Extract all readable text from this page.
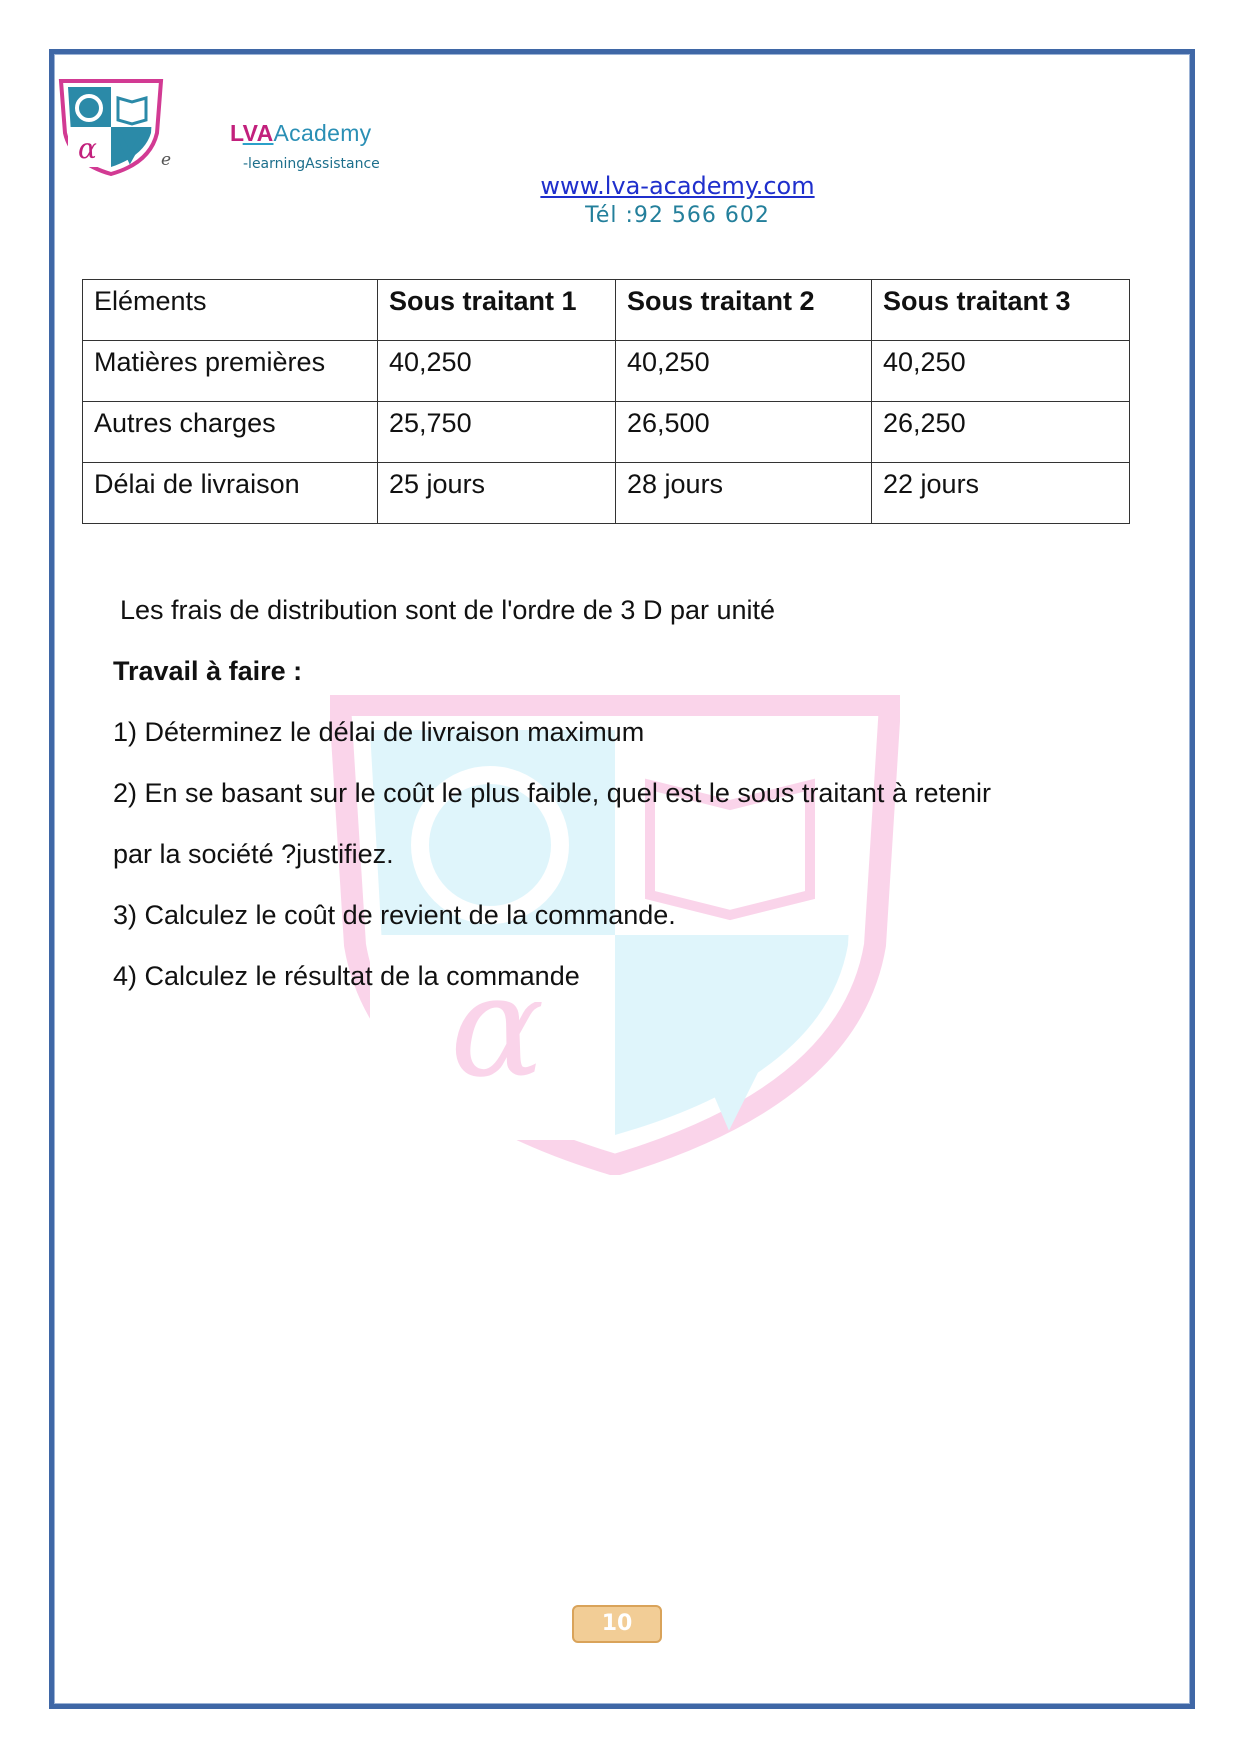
α
α	e
LVAAcademy
-learningAssistance
www.lva-academy.com
Tél :92 566 602
Eléments	Sous traitant 1	Sous traitant 2	Sous traitant 3
Matières premières	40,250	40,250	40,250
Autres charges	25,750	26,500	26,250
Délai de livraison	25 jours	28 jours	22 jours
Les frais de distribution sont de l'ordre de 3 D par unité
Travail à faire :
1) Déterminez le délai de livraison maximum
2) En se basant sur le coût le plus faible, quel est le sous traitant à retenir
par la société ?justifiez.
3) Calculez le coût de revient de la commande.
4) Calculez le résultat de la commande
10
